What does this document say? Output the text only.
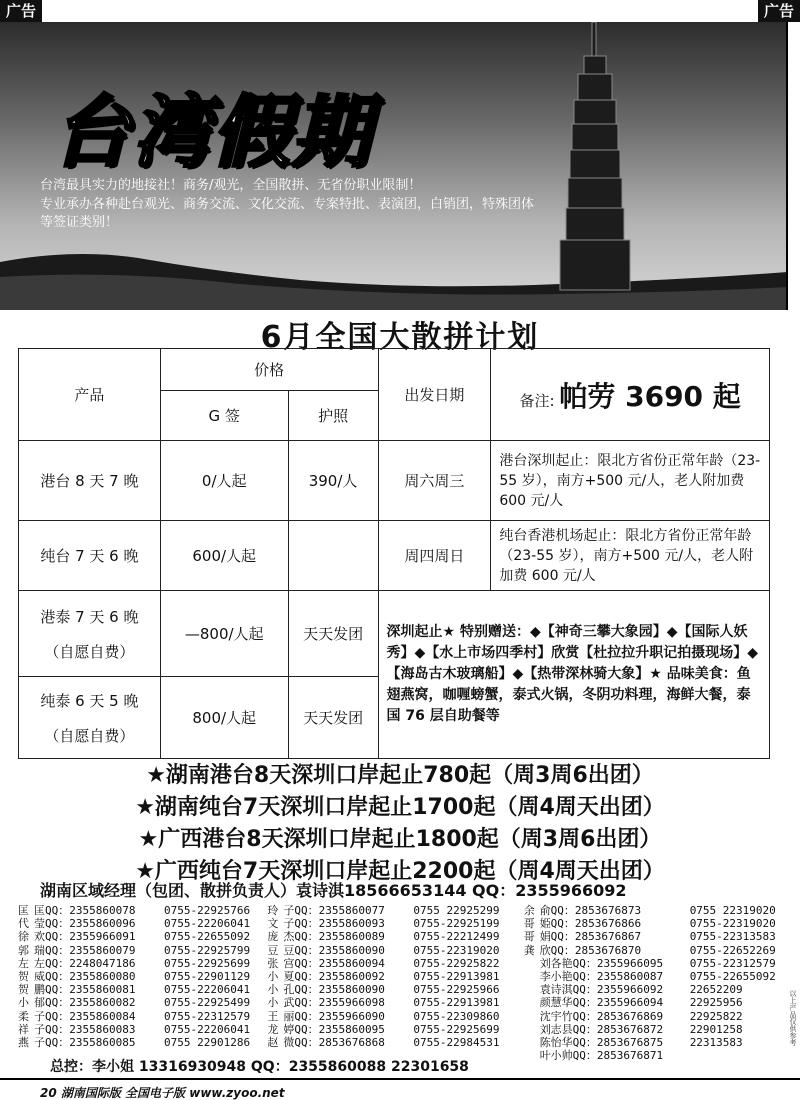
广告	广告
台湾假期
台湾最具实力的地接社！商务/观光，全国散拼、无省份职业限制！
专业承办各种赴台观光、商务交流、文化交流、专案特批、表演团，白销团，特殊团体等签证类别！
6月全国大散拼计划
产品	价格		出发日期	备注: 帕劳 3690 起
	G 签	护照		
港台 8 天 7 晚	0/人起	390/人	周六周三	港台深圳起止：限北方省份正常年龄（23-55 岁），南方+500 元/人，老人附加费 600 元/人
纯台 7 天 6 晚	600/人起		周四周日	纯台香港机场起止：限北方省份正常年龄（23-55 岁），南方+500 元/人，老人附加费 600 元/人

港泰 7 天 6 晚
（自愿自费）	—800/人起	天天发团	深圳起止★ 特别赠送：◆【神奇三攀大象园】◆【国际人妖秀】◆【水上市场四季村】欣赏【杜拉拉升职记拍摄现场】◆【海岛古木玻璃船】◆【热带深林骑大象】★ 品味美食：鱼翅燕窝，咖喱螃蟹，泰式火锅，冬阴功料理，海鲜大餐，泰国 76 层自助餐等	

纯泰 6 天 5 晚
（自愿自费）	800/人起	天天发团		
★湖南港台8天深圳口岸起止780起（周3周6出团）
★湖南纯台7天深圳口岸起止1700起（周4周天出团）
★广西港台8天深圳口岸起止1800起（周3周6出团）
★广西纯台7天深圳口岸起止2200起（周4周天出团）
湖南区域经理（包团、散拼负责人）袁诗淇18566653144 QQ：2355966092
匡 匡QQ：2355860078	0755-22925766
代 莹QQ：2355860096	0755-22206041
徐 欢QQ：2355966091	0755-22655092
郭 瑞QQ：2355860079	0755-22925799
左 左QQ：2248047186	0755-22925699
贺 威QQ：2355860080	0755-22901129
贺 鹏QQ：2355860081	0755-22206041
小 郁QQ：2355860082	0755-22925499
柔 子QQ：2355860084	0755-22312579
祥 子QQ：2355860083	0755-22206041
燕 子QQ：2355860085	0755 22901286
玲 子QQ：2355860077	0755 22925299
文 子QQ：2355860093	0755-22925199
庞 杰QQ：2355860089	0755-22212499
豆 豆QQ：2355860090	0755-22319020
张 宫QQ：2355860094	0755-22925822
小 夏QQ：2355860092	0755-22913981
小 孔QQ：2355860090	0755-22925966
小 武QQ：2355966098	0755-22913981
王 丽QQ：2355966090	0755-22309860
龙 婷QQ：2355860095	0755-22925699
赵 微QQ：2853676868	0755-22984531
余 俞QQ：2853676873	0755 22319020
哥 姫QQ：2853676866	0755-22319020
哥 娟QQ：2853676867	0755-22313583
龚 欣QQ：2853676870	0755-22652269
刘各艳QQ：2355966095	0755-22312579
李小艳QQ：2355860087	0755-22655092
袁诗淇QQ：2355966092	22652209
颜慧华QQ：2355966094	22925956
沈宇竹QQ：2853676869	22925822
刘志县QQ：2853676872	22901258
陈怡华QQ：2853676875	22313583
叶小帅QQ：2853676871
总控：李小姐 13316930948 QQ：2355860088 22301658
以上产品仅供参考
20 湖南国际版 全国电子版 www.zyoo.net
